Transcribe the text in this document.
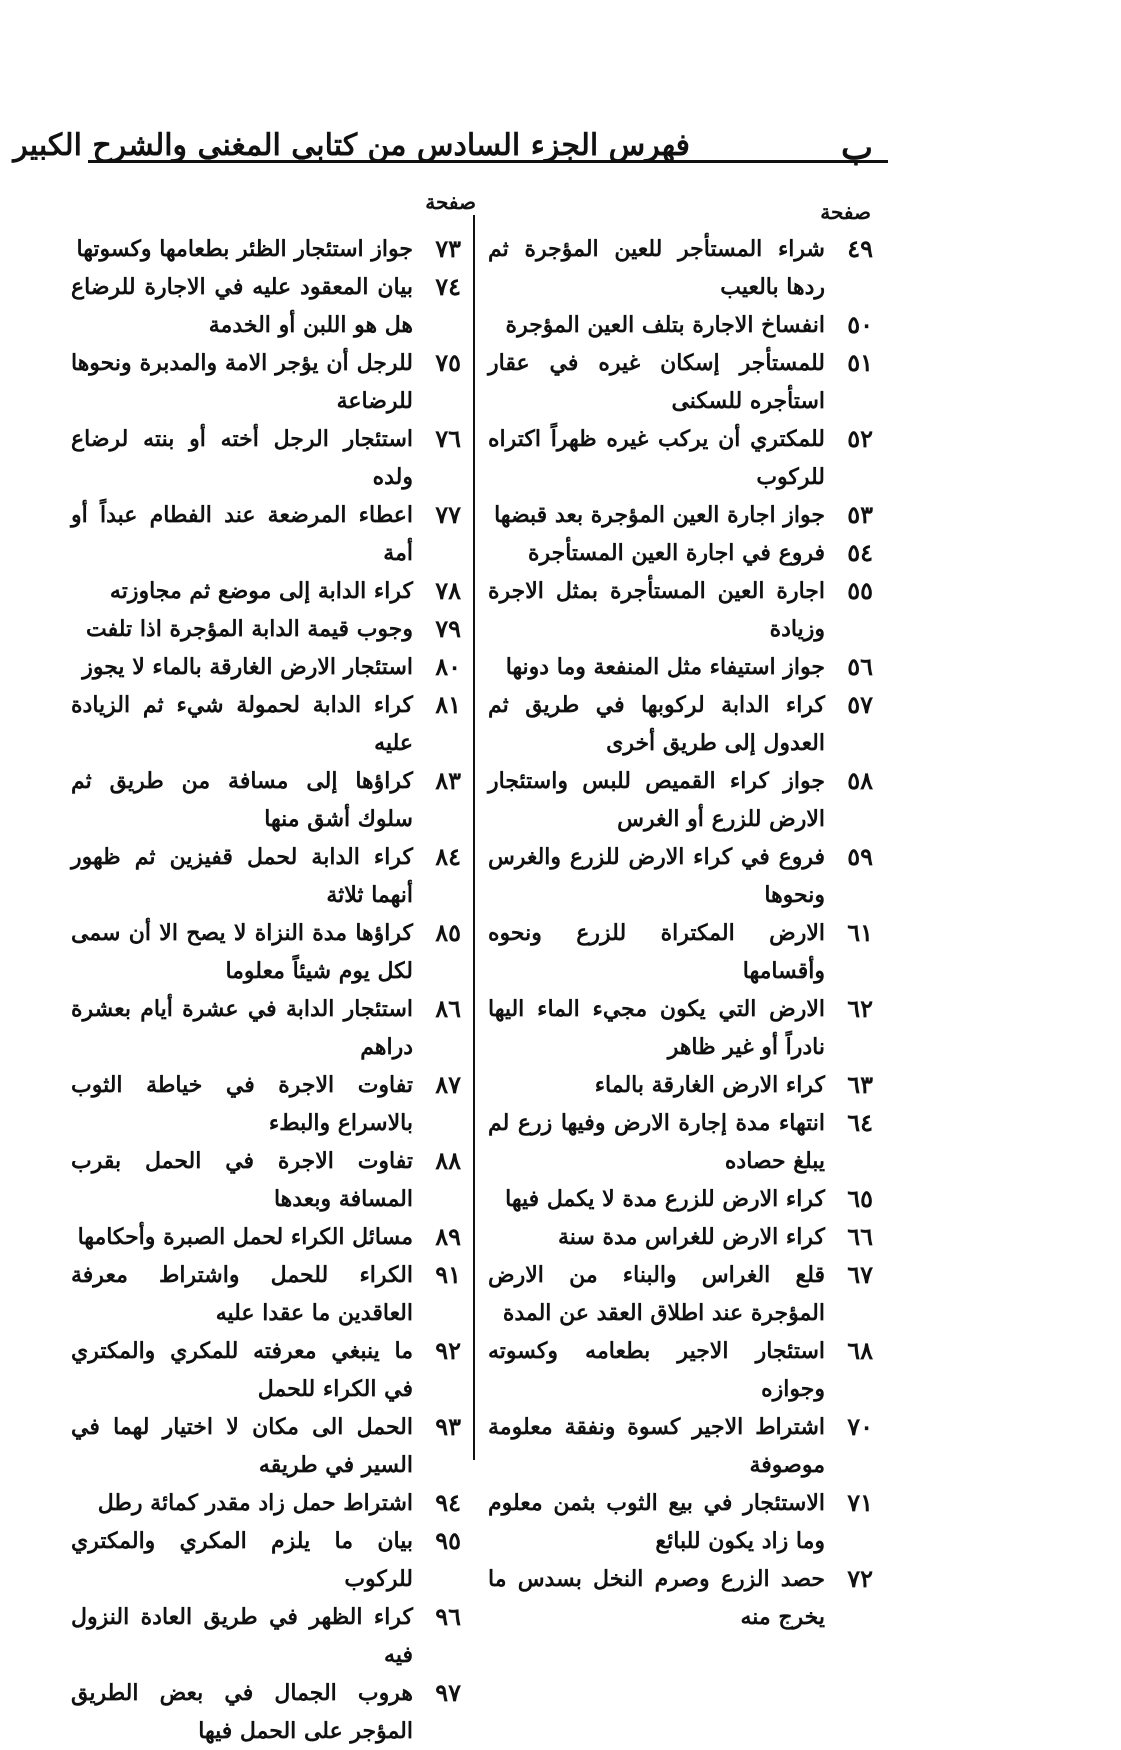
ب
فهرس الجزء السادس من كتابي المغني والشرح الكبير
صفحة
صفحة
٤٩
شراء المستأجر للعين المؤجرة ثم ردها بالعيب
٥٠
انفساخ الاجارة بتلف العين المؤجرة
٥١
للمستأجر إسكان غيره في عقار استأجره للسكنى
٥٢
للمكتري أن يركب غيره ظهراً اكتراه للركوب
٥٣
جواز اجارة العين المؤجرة بعد قبضها
٥٤
فروع في اجارة العين المستأجرة
٥٥
اجارة العين المستأجرة بمثل الاجرة وزيادة
٥٦
جواز استيفاء مثل المنفعة وما دونها
٥٧
كراء الدابة لركوبها في طريق ثم العدول إلى طريق أخرى
٥٨
جواز كراء القميص للبس واستئجار الارض للزرع أو الغرس
٥٩
فروع في كراء الارض للزرع والغرس ونحوها
٦١
الارض المكتراة للزرع ونحوه وأقسامها
٦٢
الارض التي يكون مجيء الماء اليها نادراً أو غير ظاهر
٦٣
كراء الارض الغارقة بالماء
٦٤
انتهاء مدة إجارة الارض وفيها زرع لم يبلغ حصاده
٦٥
كراء الارض للزرع مدة لا يكمل فيها
٦٦
كراء الارض للغراس مدة سنة
٦٧
قلع الغراس والبناء من الارض المؤجرة عند اطلاق العقد عن المدة
٦٨
استئجار الاجير بطعامه وكسوته وجوازه
٧٠
اشتراط الاجير كسوة ونفقة معلومة موصوفة
٧١
الاستئجار في بيع الثوب بثمن معلوم وما زاد يكون للبائع
٧٢
حصد الزرع وصرم النخل بسدس ما يخرج منه
٧٣
جواز استئجار الظئر بطعامها وكسوتها
٧٤
بيان المعقود عليه في الاجارة للرضاع هل هو اللبن أو الخدمة
٧٥
للرجل أن يؤجر الامة والمدبرة ونحوها للرضاعة
٧٦
استئجار الرجل أخته أو بنته لرضاع ولده
٧٧
اعطاء المرضعة عند الفطام عبداً أو أمة
٧٨
كراء الدابة إلى موضع ثم مجاوزته
٧٩
وجوب قيمة الدابة المؤجرة اذا تلفت
٨٠
استئجار الارض الغارقة بالماء لا يجوز
٨١
كراء الدابة لحمولة شيء ثم الزيادة عليه
٨٣
كراؤها إلى مسافة من طريق ثم سلوك أشق منها
٨٤
كراء الدابة لحمل قفيزين ثم ظهور أنهما ثلاثة
٨٥
كراؤها مدة النزاة لا يصح الا أن سمى لكل يوم شيئاً معلوما
٨٦
استئجار الدابة في عشرة أيام بعشرة دراهم
٨٧
تفاوت الاجرة في خياطة الثوب بالاسراع والبطء
٨٨
تفاوت الاجرة في الحمل بقرب المسافة وبعدها
٨٩
مسائل الكراء لحمل الصبرة وأحكامها
٩١
الكراء للحمل واشتراط معرفة العاقدين ما عقدا عليه
٩٢
ما ينبغي معرفته للمكري والمكتري في الكراء للحمل
٩٣
الحمل الى مكان لا اختيار لهما في السير في طريقه
٩٤
اشتراط حمل زاد مقدر كمائة رطل
٩٥
بيان ما يلزم المكري والمكتري للركوب
٩٦
كراء الظهر في طريق العادة النزول فيه
٩٧
هروب الجمال في بعض الطريق المؤجر على الحمل فيها
